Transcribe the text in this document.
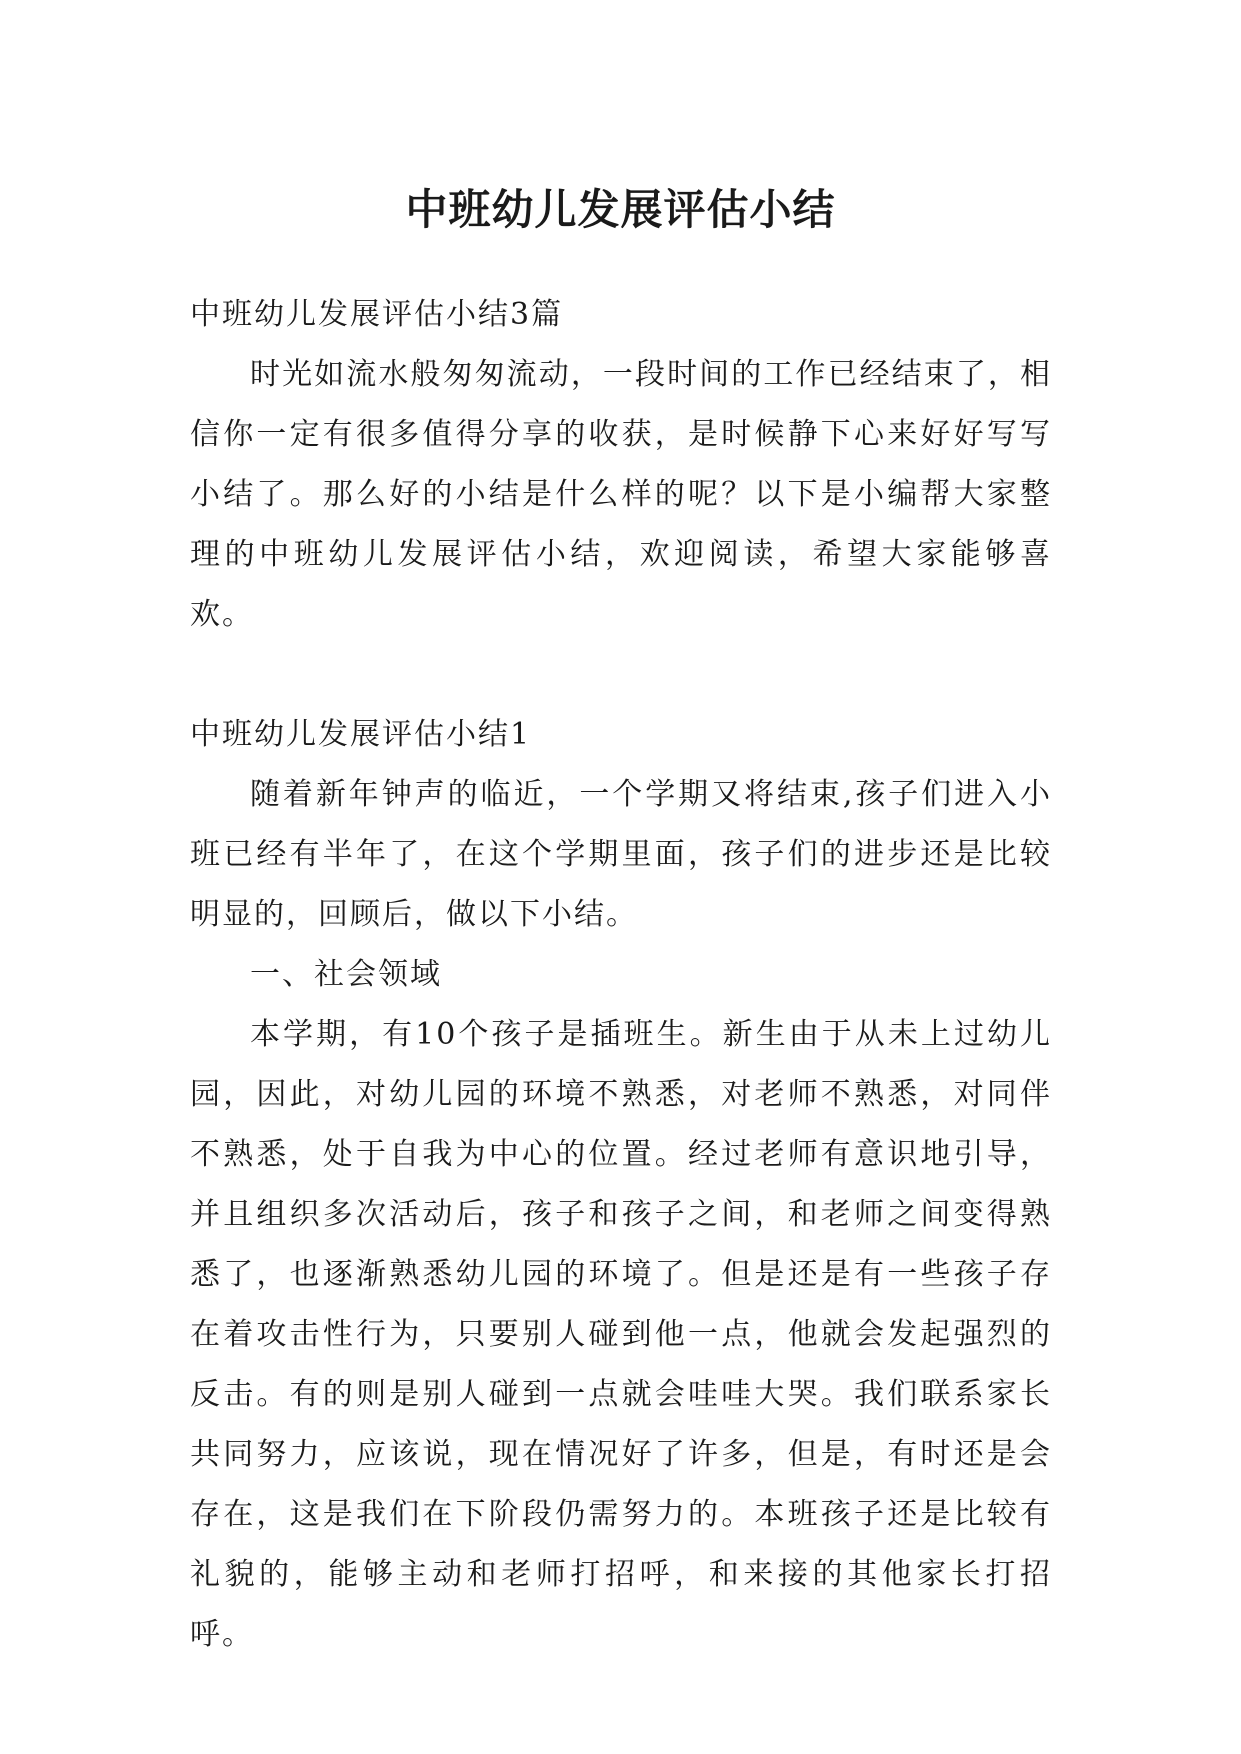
中班幼儿发展评估小结

中班幼儿发展评估小结3篇

时光如流水般匆匆流动，一段时间的工作已经结束了，相信你一定有很多值得分享的收获，是时候静下心来好好写写小结了。那么好的小结是什么样的呢？以下是小编帮大家整理的中班幼儿发展评估小结，欢迎阅读，希望大家能够喜欢。

中班幼儿发展评估小结1

随着新年钟声的临近，一个学期又将结束,孩子们进入小班已经有半年了，在这个学期里面，孩子们的进步还是比较明显的，回顾后，做以下小结。

一、社会领域

本学期，有10个孩子是插班生。新生由于从未上过幼儿园，因此，对幼儿园的环境不熟悉，对老师不熟悉，对同伴不熟悉，处于自我为中心的位置。经过老师有意识地引导，并且组织多次活动后，孩子和孩子之间，和老师之间变得熟悉了，也逐渐熟悉幼儿园的环境了。但是还是有一些孩子存在着攻击性行为，只要别人碰到他一点，他就会发起强烈的反击。有的则是别人碰到一点就会哇哇大哭。我们联系家长共同努力，应该说，现在情况好了许多，但是，有时还是会存在，这是我们在下阶段仍需努力的。本班孩子还是比较有礼貌的，能够主动和老师打招呼，和来接的其他家长打招呼。
